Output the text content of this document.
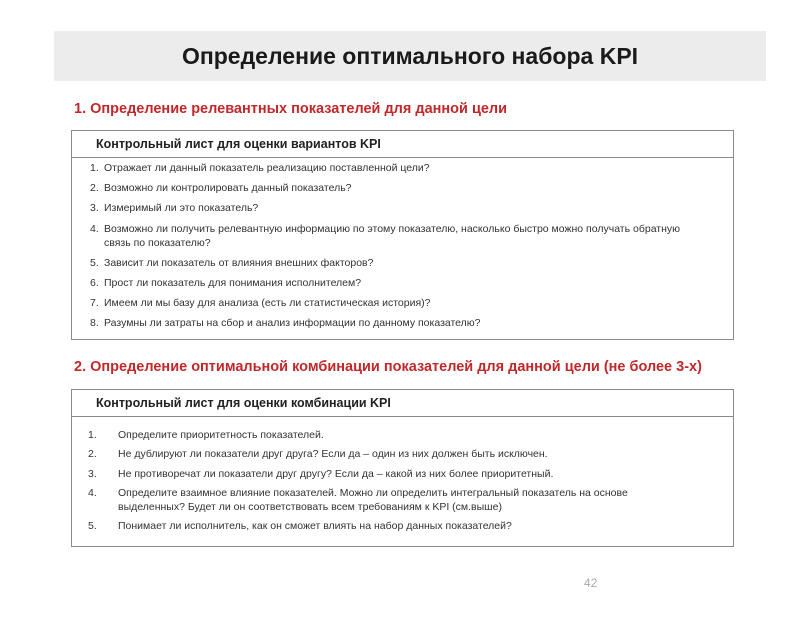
Определение оптимального набора KPI
1. Определение релевантных показателей для данной цели
Контрольный лист для оценки вариантов KPI
1. Отражает ли данный показатель реализацию поставленной цели?
2. Возможно ли контролировать данный показатель?
3. Измеримый ли это показатель?
4. Возможно ли получить релевантную информацию по этому показателю, насколько быстро можно получать обратную связь по показателю?
5. Зависит ли показатель от влияния внешних факторов?
6. Прост ли показатель для понимания исполнителем?
7. Имеем ли мы базу для анализа (есть ли статистическая история)?
8. Разумны ли затраты на сбор и анализ информации по данному показателю?
2. Определение оптимальной комбинации показателей для данной цели (не более 3-х)
Контрольный лист для оценки комбинации KPI
1.	Определите приоритетность показателей.
2.	Не дублируют ли показатели друг друга? Если да – один из них должен быть исключен.
3.	Не противоречат ли показатели друг другу? Если да – какой из них более приоритетный.
4.	Определите взаимное влияние показателей. Можно ли определить интегральный показатель на основе выделенных? Будет ли он соответствовать всем требованиям к KPI (см.выше)
5.	Понимает ли исполнитель, как он сможет влиять на набор данных показателей?
42
